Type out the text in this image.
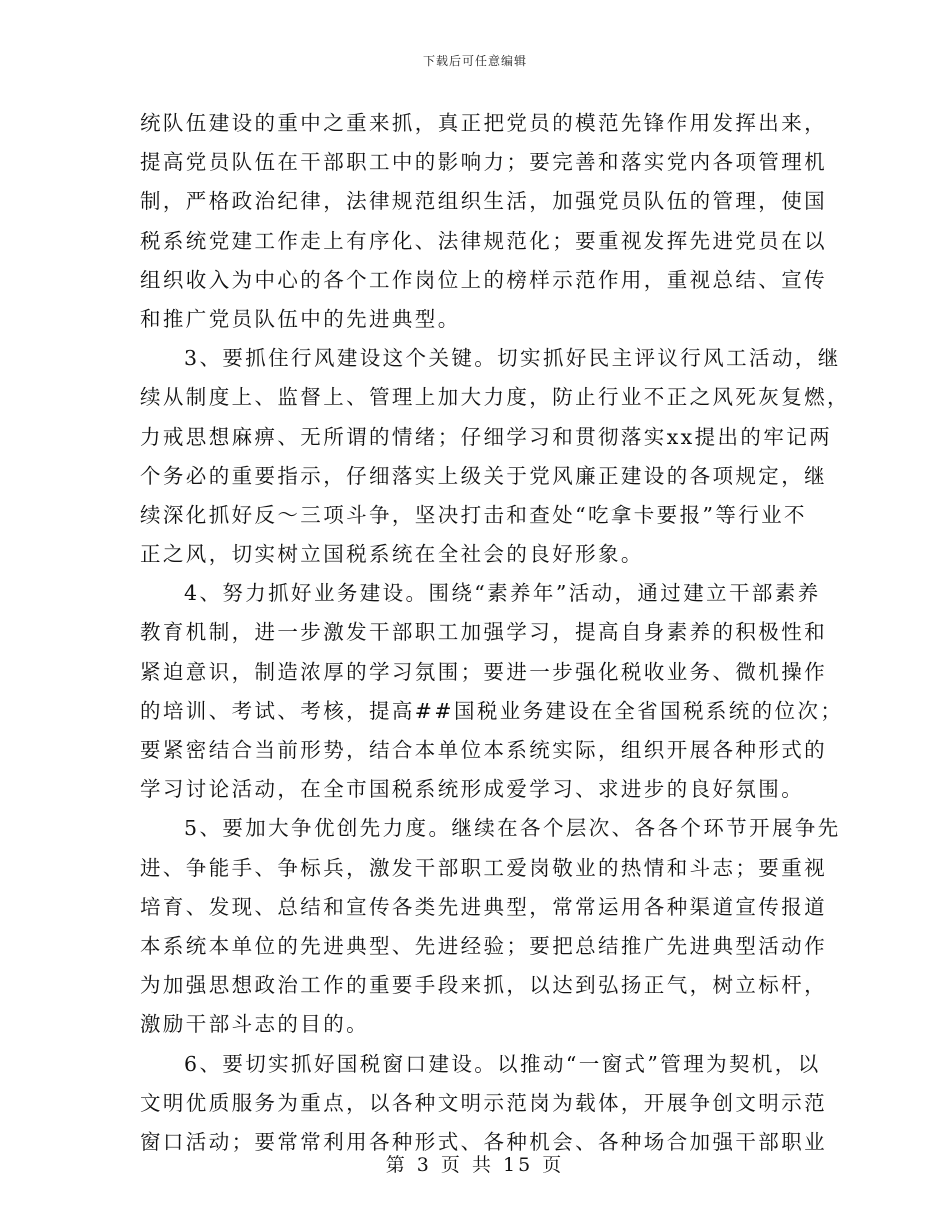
下载后可任意编辑
统队伍建设的重中之重来抓，真正把党员的模范先锋作用发挥出来，
提高党员队伍在干部职工中的影响力；要完善和落实党内各项管理机
制，严格政治纪律，法律规范组织生活，加强党员队伍的管理，使国
税系统党建工作走上有序化、法律规范化；要重视发挥先进党员在以
组织收入为中心的各个工作岗位上的榜样示范作用，重视总结、宣传
和推广党员队伍中的先进典型。
3、要抓住行风建设这个关键。切实抓好民主评议行风工活动，继
续从制度上、监督上、管理上加大力度，防止行业不正之风死灰复燃，
力戒思想麻痹、无所谓的情绪；仔细学习和贯彻落实xx提出的牢记两
个务必的重要指示，仔细落实上级关于党风廉正建设的各项规定，继
续深化抓好反～三项斗争，坚决打击和查处“吃拿卡要报”等行业不
正之风，切实树立国税系统在全社会的良好形象。
4、努力抓好业务建设。围绕“素养年”活动，通过建立干部素养
教育机制，进一步激发干部职工加强学习，提高自身素养的积极性和
紧迫意识，制造浓厚的学习氛围；要进一步强化税收业务、微机操作
的培训、考试、考核，提高##国税业务建设在全省国税系统的位次；
要紧密结合当前形势，结合本单位本系统实际，组织开展各种形式的
学习讨论活动，在全市国税系统形成爱学习、求进步的良好氛围。
5、要加大争优创先力度。继续在各个层次、各各个环节开展争先
进、争能手、争标兵，激发干部职工爱岗敬业的热情和斗志；要重视
培育、发现、总结和宣传各类先进典型，常常运用各种渠道宣传报道
本系统本单位的先进典型、先进经验；要把总结推广先进典型活动作
为加强思想政治工作的重要手段来抓，以达到弘扬正气，树立标杆，
激励干部斗志的目的。
6、要切实抓好国税窗口建设。以推动“一窗式”管理为契机，以
文明优质服务为重点，以各种文明示范岗为载体，开展争创文明示范
窗口活动；要常常利用各种形式、各种机会、各种场合加强干部职业
第 3 页 共 15 页
